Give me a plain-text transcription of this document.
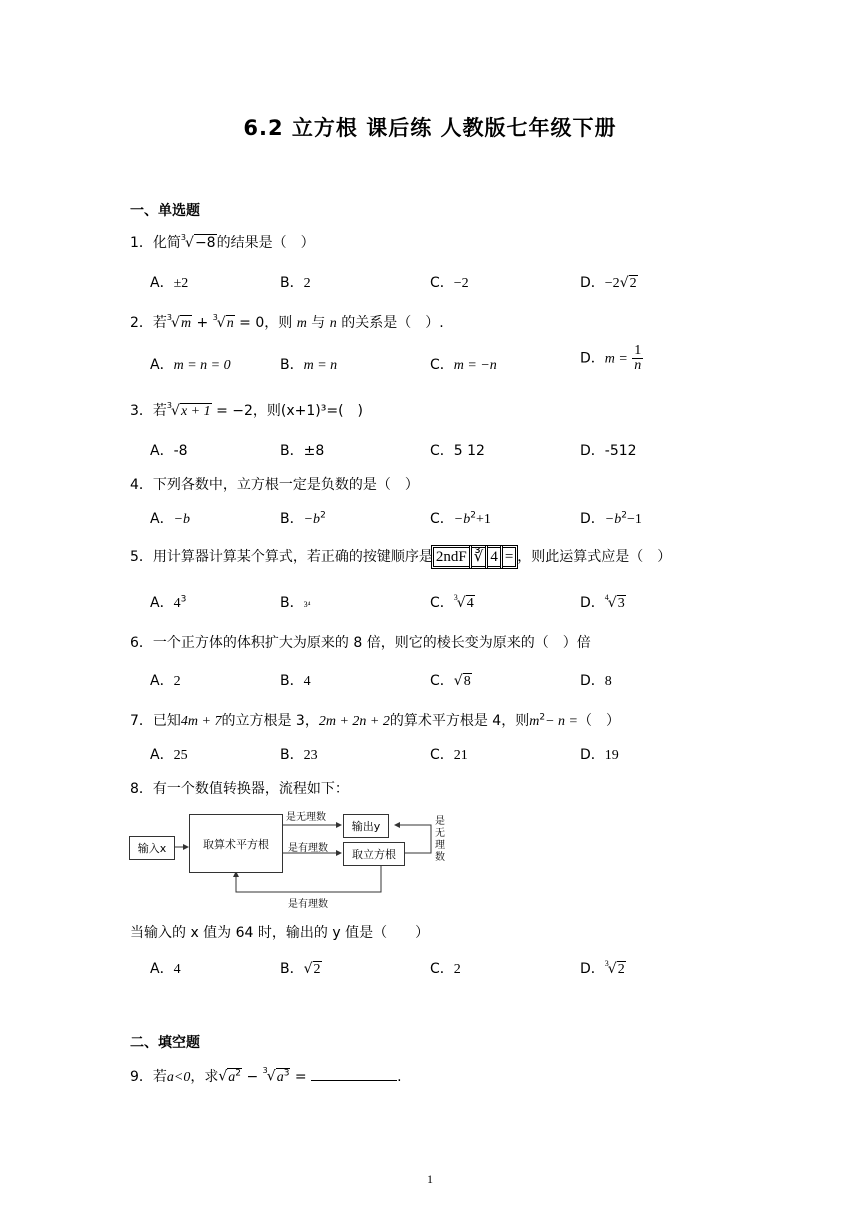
6.2 立方根 课后练 人教版七年级下册
一、单选题
1．化简$^3$√−8的结果是（　）
A．±2	B．2	C．−2	D．−2√2
2．若$^3$√m + $^3$√n = 0，则 m 与 n 的关系是（　）.
A．m = n = 0	B．m = n	C．m = −n	D．$m = \frac{1}{n}$
3．若$^3$√x + 1 = −2，则(x+1)³=(　)
A．-8	B．±8	C．5 12	D．-512
4．下列各数中，立方根一定是负数的是（　）
A．−b	B．$-b^2$	C．$-b^2+1$	D．$-b^2-1$
5．用计算器计算某个算式，若正确的按键顺序是 2ndF ∛ 4 = ，则此运算式应是（　）
A．$4^3$	B．3⁴	C．$^3$√4	D．$^4$√3
6．一个正方体的体积扩大为原来的 8 倍，则它的棱长变为原来的（　）倍
A．2	B．4	C．√8	D．8
7．已知4m + 7的立方根是 3，2m + 2n + 2的算术平方根是 4，则$m^2- n$ =（　）
A．25	B．23	C．21	D．19
8．有一个数值转换器，流程如下：
输入x	取算术平方根
输出y
取立方根
是无理数
是有理数
是有理数
是无理数
当输入的 x 值为 64 时，输出的 y 值是（　　）
A．4	B．√2	C．2	D．$^3$√2
二、填空题
9．若a<0，求$√a^2 - ^3√a^3$ =	.
1
